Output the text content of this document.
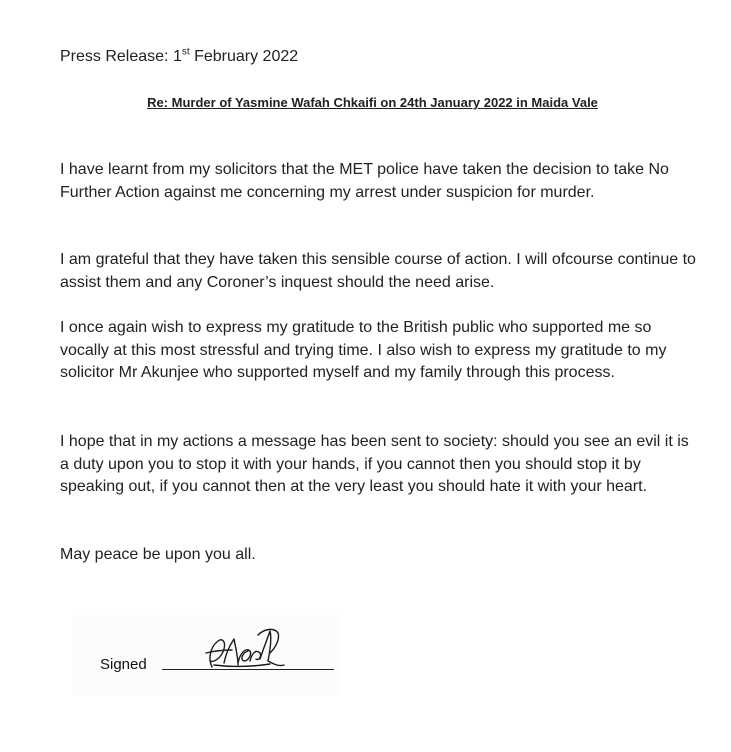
Press Release: 1st February 2022
Re: Murder of Yasmine Wafah Chkaifi on 24th January 2022 in Maida Vale

I have learnt from my solicitors that the MET police have taken the decision to take No Further Action against me concerning my arrest under suspicion for murder.

I am grateful that they have taken this sensible course of action. I will ofcourse continue to assist them and any Coroner’s inquest should the need arise.

I once again wish to express my gratitude to the British public who supported me so vocally at this most stressful and trying time. I also wish to express my gratitude to my solicitor Mr Akunjee who supported myself and my family through this process.

I hope that in my actions a message has been sent to society: should you see an evil it is a duty upon you to stop it with your hands, if you cannot then you should stop it by speaking out, if you cannot then at the very least you should hate it with your heart.

May peace be upon you all.

Signed
